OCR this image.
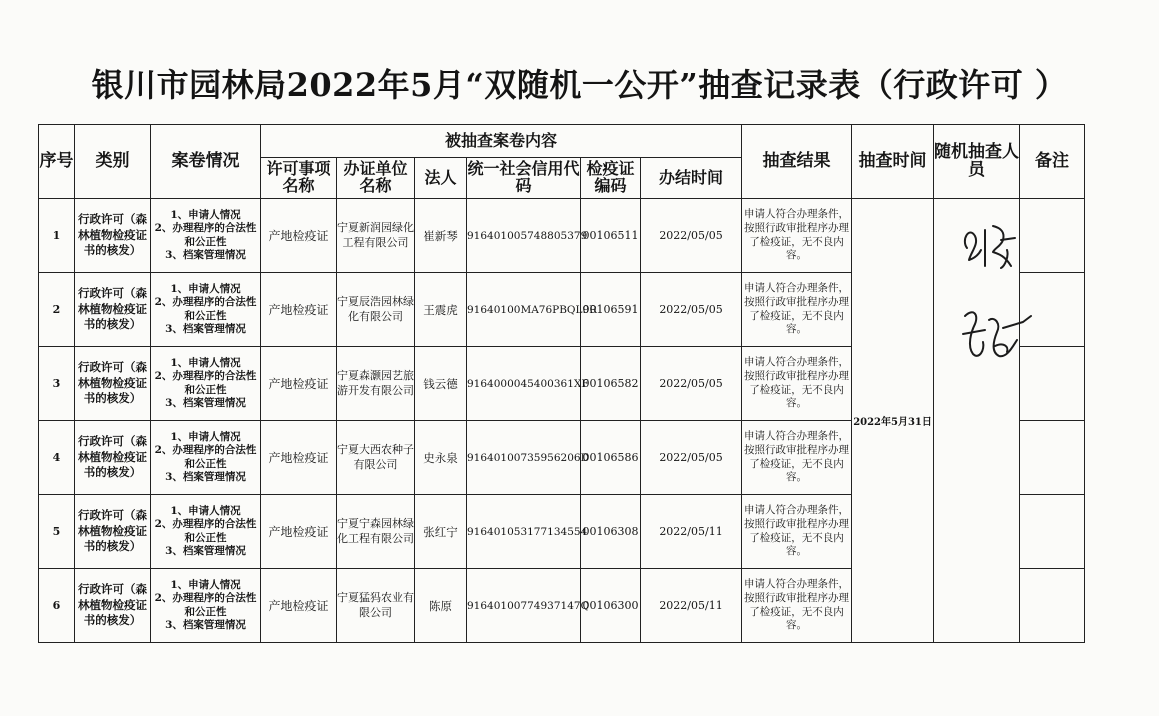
银川市园林局2022年5月“双随机一公开”抽查记录表（行政许可 ）
序号	类别	案卷情况	被抽查案卷内容						抽查结果	抽查时间	随机抽查人员	备注
			许可事项名称	办证单位名称	法人	统一社会信用代码	检疫证编码	办结时间				
1	行政许可（森林植物检疫证书的核发）	1、申请人情况
2、办理程序的合法性和公正性
3、档案管理情况	产地检疫证	宁夏新润园绿化工程有限公司	崔新琴	916401005748805379	00106511	2022/05/05	申请人符合办理条件，按照行政审批程序办理了检疫证，无不良内容。	2022年5月31日		
2	行政许可（森林植物检疫证书的核发）	1、申请人情况
2、办理程序的合法性和公正性
3、档案管理情况	产地检疫证	宁夏辰浩园林绿化有限公司	王震虎	91640100MA76PBQL9R	00106591	2022/05/05	申请人符合办理条件，按照行政审批程序办理了检疫证，无不良内容。			
3	行政许可（森林植物检疫证书的核发）	1、申请人情况
2、办理程序的合法性和公正性
3、档案管理情况	产地检疫证	宁夏森灏园艺旅游开发有限公司	钱云德	9164000045400361XF	00106582	2022/05/05	申请人符合办理条件，按照行政审批程序办理了检疫证，无不良内容。			
4	行政许可（森林植物检疫证书的核发）	1、申请人情况
2、办理程序的合法性和公正性
3、档案管理情况	产地检疫证	宁夏大西农种子有限公司	史永泉	91640100735956206D	00106586	2022/05/05	申请人符合办理条件，按照行政审批程序办理了检疫证，无不良内容。			
5	行政许可（森林植物检疫证书的核发）	1、申请人情况
2、办理程序的合法性和公正性
3、档案管理情况	产地检疫证	宁夏宁森园林绿化工程有限公司	张红宁	916401053177134554	00106308	2022/05/11	申请人符合办理条件，按照行政审批程序办理了检疫证，无不良内容。			
6	行政许可（森林植物检疫证书的核发）	1、申请人情况
2、办理程序的合法性和公正性
3、档案管理情况	产地检疫证	宁夏猛犸农业有限公司	陈原	91640100774937147Q	00106300	2022/05/11	申请人符合办理条件，按照行政审批程序办理了检疫证，无不良内容。			
